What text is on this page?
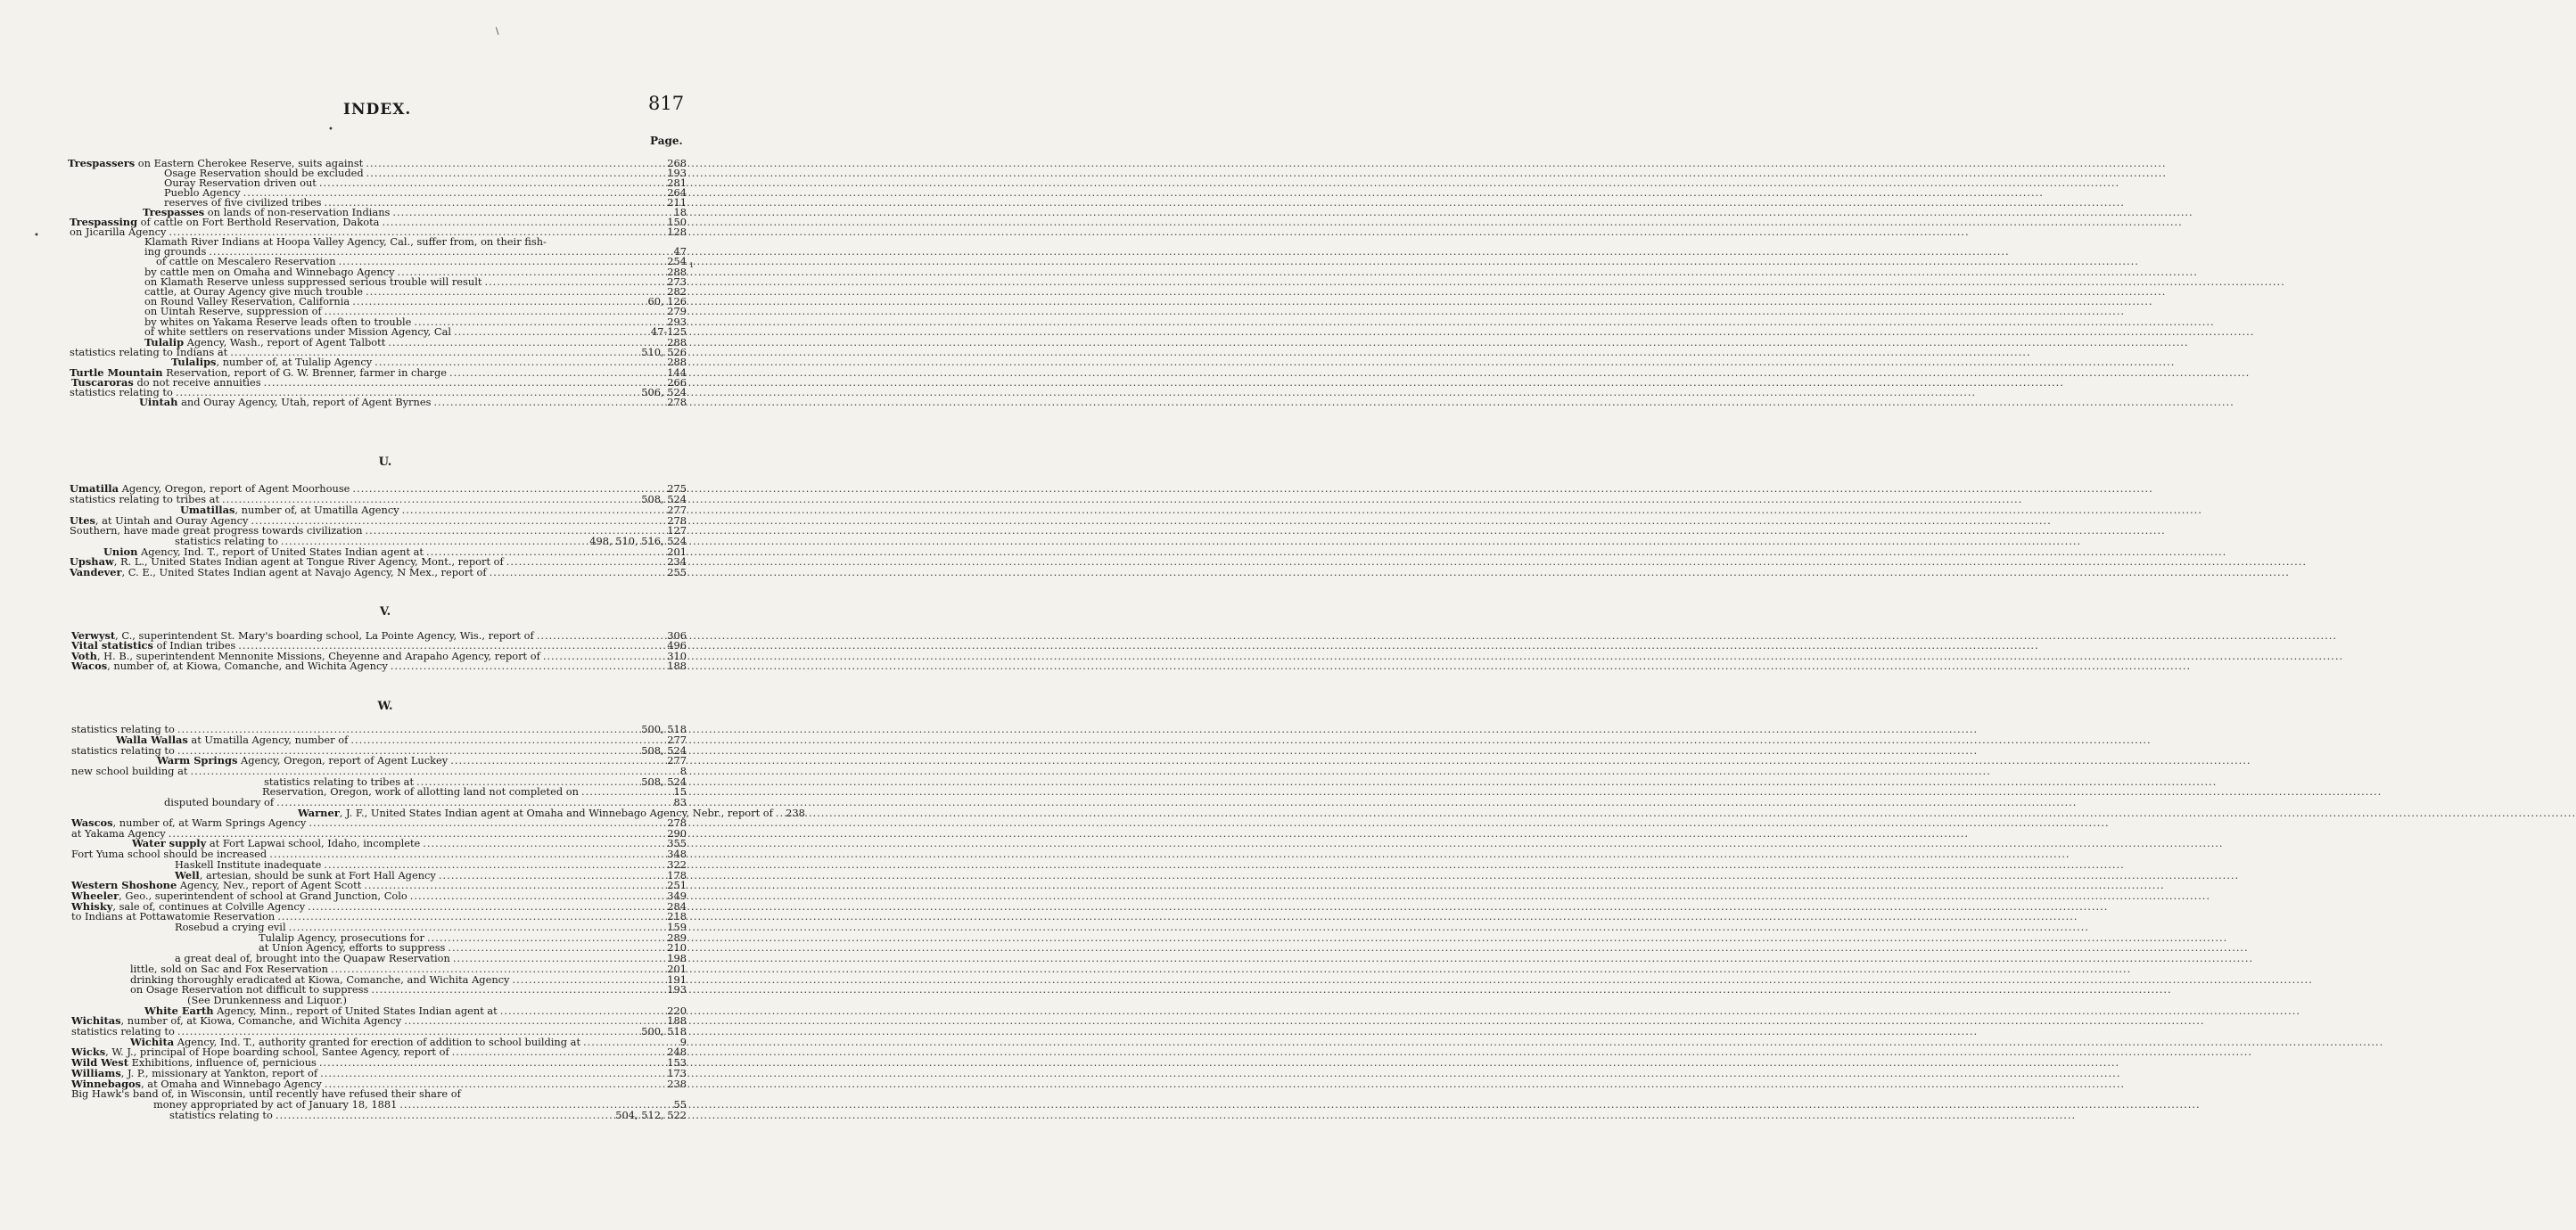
\
INDEX.	817
•
•
ı
Page.
U.
V.
W.
Trespassers on Eastern Cherokee Reserve, suits against .....	268
Osage Reservation should be excluded .....	193
Ouray Reservation driven out .....	281
Pueblo Agency .....	264
reserves of five civilized tribes .....	211
Trespasses on lands of non-reservation Indians .....	18
Trespassing of cattle on Fort Berthold Reservation, Dakota .....	150
on Jicarilla Agency .....	128
Klamath River Indians at Hoopa Valley Agency, Cal., suffer from, on their fish-
ing grounds .....	47
of cattle on Mescalero Reservation .....	254
by cattle men on Omaha and Winnebago Agency .....	288
on Klamath Reserve unless suppressed serious trouble will result .....	273
cattle, at Ouray Agency give much trouble .....	282
on Round Valley Reservation, California .....	60, 126
on Uintah Reserve, suppression of .....	279
by whites on Yakama Reserve leads often to trouble .....	293
of white settlers on reservations under Mission Agency, Cal .....	47-125
Tulalip Agency, Wash., report of Agent Talbott .....	288
statistics relating to Indians at .....	510, 526
Tulalips, number of, at Tulalip Agency .....	288
Turtle Mountain Reservation, report of G. W. Brenner, farmer in charge .....	144
Tuscaroras do not receive annuities .....	266
statistics relating to .....	506, 524
Uintah and Ouray Agency, Utah, report of Agent Byrnes .....	278
Umatilla Agency, Oregon, report of Agent Moorhouse .....	275
statistics relating to tribes at .....	508, 524
Umatillas, number of, at Umatilla Agency .....	277
Utes, at Uintah and Ouray Agency .....	278
Southern, have made great progress towards civilization .....	127
statistics relating to .....	498, 510, 516, 524
Union Agency, Ind. T., report of United States Indian agent at .....	201
Upshaw, R. L., United States Indian agent at Tongue River Agency, Mont., report of .....	234
Vandever, C. E., United States Indian agent at Navajo Agency, N Mex., report of .....	255
Verwyst, C., superintendent St. Mary's boarding school, La Pointe Agency, Wis., report of .....	306
Vital statistics of Indian tribes .....	496
Voth, H. B., superintendent Mennonite Missions, Cheyenne and Arapaho Agency, report of .....	310
Wacos, number of, at Kiowa, Comanche, and Wichita Agency .....	188
statistics relating to .....	500, 518
Walla Wallas at Umatilla Agency, number of .....	277
statistics relating to .....	508, 524
Warm Springs Agency, Oregon, report of Agent Luckey .....	277
new school building at .....	8
statistics relating to tribes at .....	508, 524
Reservation, Oregon, work of allotting land not completed on .....	15
disputed boundary of .....	83
Warner, J. F., United States Indian agent at Omaha and Winnebago Agency, Nebr., report of ..... 238
Wascos, number of, at Warm Springs Agency .....	278
at Yakama Agency .....	290
Water supply at Fort Lapwai school, Idaho, incomplete .....	355
Fort Yuma school should be increased .....	348
Haskell Institute inadequate .....	322
Well, artesian, should be sunk at Fort Hall Agency .....	178
Western Shoshone Agency, Nev., report of Agent Scott .....	251
Wheeler, Geo., superintendent of school at Grand Junction, Colo .....	349
Whisky, sale of, continues at Colville Agency .....	284
to Indians at Pottawatomie Reservation .....	218
Rosebud a crying evil .....	159
Tulalip Agency, prosecutions for .....	289
at Union Agency, efforts to suppress .....	210
a great deal of, brought into the Quapaw Reservation .....	198
little, sold on Sac and Fox Reservation .....	201
drinking thoroughly eradicated at Kiowa, Comanche, and Wichita Agency .....	191
on Osage Reservation not difficult to suppress .....	193
(See Drunkenness and Liquor.)
White Earth Agency, Minn., report of United States Indian agent at .....	220
Wichitas, number of, at Kiowa, Comanche, and Wichita Agency .....	188
statistics relating to .....	500, 518
Wichita Agency, Ind. T., authority granted for erection of addition to school building at .....	9
Wicks, W. J., principal of Hope boarding school, Santee Agency, report of .....	248
Wild West Exhibitions, influence of, pernicious .....	153
Williams, J. P., missionary at Yankton, report of .....	173
Winnebagos, at Omaha and Winnebago Agency .....	238
Big Hawk's band of, in Wisconsin, until recently have refused their share of
money appropriated by act of January 18, 1881 .....	55
statistics relating to .....	504, 512, 522
